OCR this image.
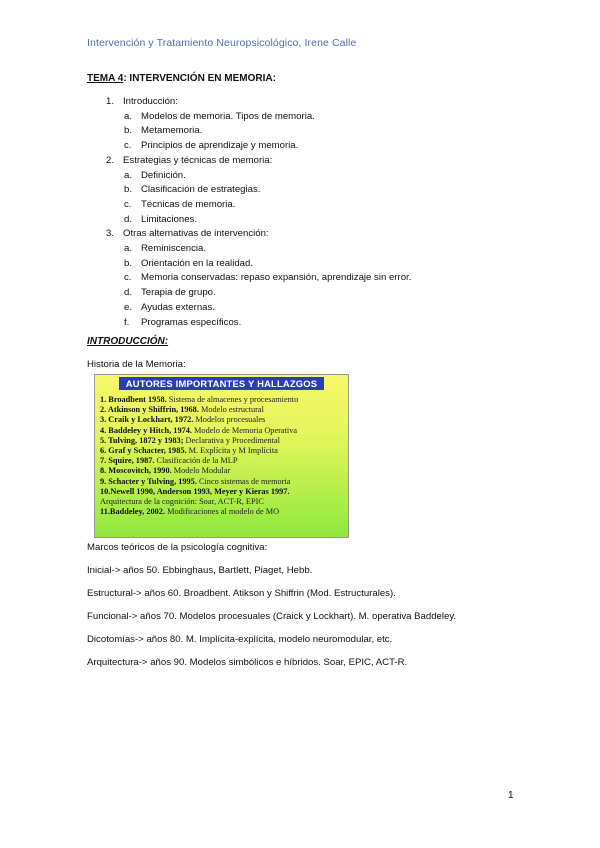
Intervención y Tratamiento Neuropsicológico, Irene Calle
TEMA 4: INTERVENCIÓN EN MEMORIA:
1. Introducción:
a. Modelos de memoria. Tipos de memoria.
b. Metamemoria.
c. Principios de aprendizaje y memoria.
2. Estrategias y técnicas de memoria:
a. Definición.
b. Clasificación de estrategias.
c. Técnicas de memoria.
d. Limitaciones.
3. Otras alternativas de intervención:
a. Reminiscencia.
b. Orientación en la realidad.
c. Memoria conservadas: repaso expansión, aprendizaje sin error.
d. Terapia de grupo.
e. Ayudas externas.
f. Programas específicos.
INTRODUCCIÓN:
Historia de la Memoria:
AUTORES IMPORTANTES Y HALLAZGOS
1. Broadbent 1958. Sistema de almacenes y procesamiento
2. Atkinson y Shiffrin, 1968. Modelo estructural
3. Craik y Lockhart, 1972. Modelos procesuales
4. Baddeley y Hitch, 1974. Modelo de Memoria Operativa
5. Tulving, 1872 y 1983; Declarativa y Procedimental
6. Graf y Schacter, 1985. M. Explícita y M Implícita
7. Squire, 1987. Clasificación de la MLP
8. Moscovitch, 1990. Modelo Modular
9. Schacter y Tulving, 1995. Cinco sistemas de memoria
10.Newell 1990, Anderson 1993, Meyer y Kieras 1997.
Arquitectura de la cognición: Soar, ACT-R, EPIC
11.Baddeley, 2002. Modificaciones al modelo de MO
Marcos teóricos de la psicología cognitiva:
Inicial-> años 50. Ebbinghaus, Bartlett, Piaget, Hebb.
Estructural-> años 60. Broadbent. Atikson y Shiffrin (Mod. Estructurales).
Funcional-> años 70. Modelos procesuales (Craick y Lockhart). M. operativa Baddeley.
Dicotomías-> años 80. M. Implícita-explícita, modelo neuromodular, etc.
Arquitectura-> años 90. Modelos simbólicos e híbridos. Soar, EPIC, ACT-R.
1
